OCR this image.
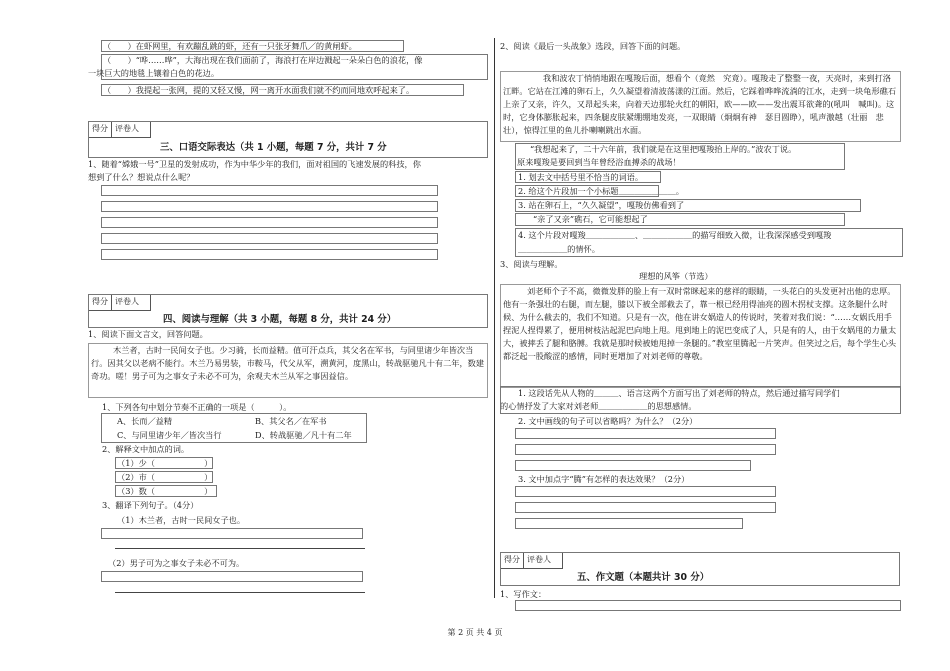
（　　）在虾网里，有欢蹦乱跳的虾，还有一只张牙舞爪／的黄闸虾。
（　　）“哗……哗”，大海出现在我们面前了，海浪打在岸边溅起一朵朵白色的浪花，像
一块巨大的地毯上镶着白色的花边。
（　　）我提起一张网，提的又轻又慢，网一离开水面我们就不约而同地欢呼起来了。
得分 评卷人
三、口语交际表达（共 1 小题，每题 7 分，共计 7 分
1、随着“嫦娥一号”卫星的发射成功，作为中华少年的我们，面对祖国的飞速发展的科技，你
想到了什么？想说点什么呢？
得分 评卷人
四、阅读与理解（共 3 小题，每题 8 分，共计 24 分）
1、阅读下面文言文，回答问题。
木兰者，古时一民间女子也。少习骑，长而益精。值可汗点兵，其父名在军书，与同里诸少年皆次当行。因其父以老病不能行。木兰乃易男装，市鞍马，代父从军，溯黄河，度黑山，转战驱驰凡十有二年，数建奇功。嗟！男子可为之事女子未必不可为，余观夫木兰从军之事因益信。
1、下列各句中划分节奏不正确的一项是（　　　）。
A、长而／益精	B、其父名／在军书
C、与同里诸少年／皆次当行	D、转战驱驰／凡十有二年
2、解释文中加点的词。
（1）少（　　　　　　）
（2）市（　　　　　　）
（3）数（　　　　　　）
3、翻译下列句子。（4分）
（1）木兰者，古时一民间女子也。
（2）男子可为之事女子未必不可为。
2、阅读《最后一头战象》选段，回答下面的问题。
我和波农丁悄悄地跟在嘎羧后面，想看个（竟然　究竟）。嘎羧走了整整一夜，天亮时，来到打洛江畔。它站在江滩的卵石上，久久凝望着清波荡漾的江面。然后，它踩着哗哗流淌的江水，走到一块龟形礁石上亲了又亲，许久，又昂起头来，向着天边那轮火红的朝阳，欧——欧——发出震耳欲聋的(吼叫　喊叫)。这时，它身体膨胀起来，四条腿皮肤紧绷绷地发亮，一双眼睛（炯炯有神　瑟目圆睁），吼声激越（壮丽　悲壮），惊得江里的鱼儿扑喇喇跳出水面。
“我想起来了，二十六年前，我们就是在这里把嘎羧抬上岸的。”波农丁说。
原来嘎羧是要回到当年曾经浴血搏杀的战场！
1. 划去文中括号里不恰当的词语。
2. 给这个片段加一个小标题＿＿＿＿＿＿＿。
3. 站在卵石上，“久久凝望”，嘎羧仿佛看到了
“亲了又亲”礁石，它可能想起了
4. 这个片段对嘎羧＿＿＿＿＿＿、＿＿＿＿＿＿的描写细致入微，让我深深感受到嘎羧
＿＿＿＿＿＿的情怀。
3、阅读与理解。
理想的风筝（节选）
刘老师个子不高，微微发胖的脸上有一双时常眯起来的慈祥的眼睛，一头花白的头发更衬出他的忠厚。他有一条强壮的右腿，而左腿，膝以下被全部截去了，靠一根已经用得油亮的圆木拐杖支撑。这条腿什么时候、为什么截去的，我们不知道。只是有一次，他在讲女娲造人的传说时，笑着对我们说：“……女娲氏用手捏泥人捏得累了，便用树枝沾起泥巴向地上甩。甩到地上的泥巴变成了人，只是有的人，由于女娲甩的力量太大，被摔丢了腿和胳膊。我就是那时候被她甩掉一条腿的。”教室里腾起一片笑声。但笑过之后，每个学生心头都泛起一股酸涩的感情，同时更增加了对刘老师的尊敬。
1. 这段话先从人物的＿＿＿、语言这两个方面写出了刘老师的特点，然后通过描写同学们
的心情抒发了大家对刘老师＿＿＿＿＿＿的思想感情。
2. 文中画线的句子可以省略吗？为什么？（2分）
3. 文中加点字“腾”有怎样的表达效果？（2分）
得分 评卷人
五、作文题（本题共计 30 分）
1、写作文：
第 2 页 共 4 页
